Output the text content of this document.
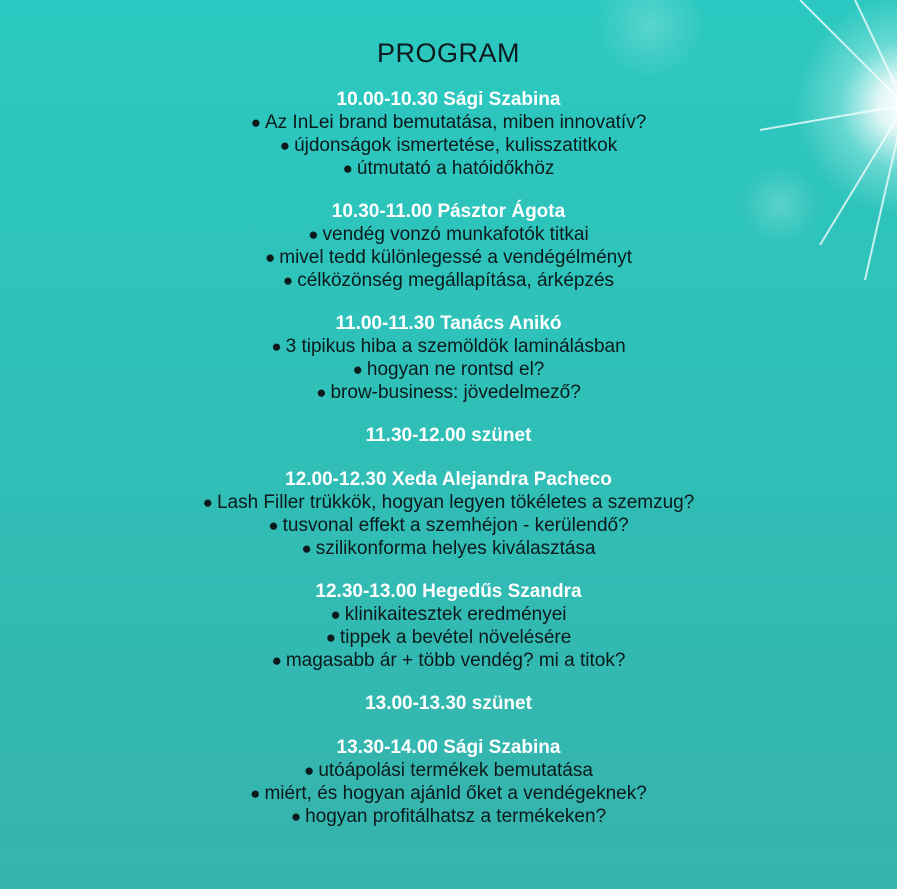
PROGRAM
10.00-10.30 Sági Szabina
● Az InLei brand bemutatása, miben innovatív?
● újdonságok ismertetése, kulisszatitkok
● útmutató a hatóidőkhöz
10.30-11.00 Pásztor Ágota
● vendég vonzó munkafotók titkai
● mivel tedd különlegessé a vendégélményt
● célközönség megállapítása, árképzés
11.00-11.30 Tanács Anikó
● 3 tipikus hiba a szemöldök laminálásban
● hogyan ne rontsd el?
● brow-business: jövedelmező?
11.30-12.00 szünet
12.00-12.30 Xeda Alejandra Pacheco
● Lash Filler trükkök, hogyan legyen tökéletes a szemzug?
● tusvonal effekt a szemhéjon - kerülendő?
● szilikonforma helyes kiválasztása
12.30-13.00 Hegedűs Szandra
● klinikaitesztek eredményei
● tippek a bevétel növelésére
● magasabb ár + több vendég? mi a titok?
13.00-13.30 szünet
13.30-14.00 Sági Szabina
● utóápolási termékek bemutatása
● miért, és hogyan ajánld őket a vendégeknek?
● hogyan profitálhatsz a termékeken?
